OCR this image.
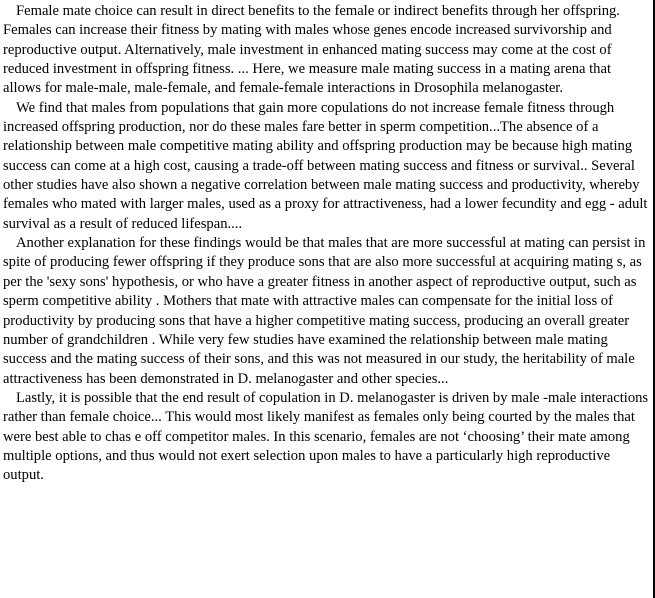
Female mate choice can result in direct benefits to the female or indirect benefits through her offspring. Females can increase their fitness by mating with males whose genes encode increased survivorship and reproductive output. Alternatively, male investment in enhanced mating success may come at the cost of reduced investment in offspring fitness. ... Here, we measure male mating success in a mating arena that allows for male-male, male-female, and female-female interactions in Drosophila melanogaster.

We find that males from populations that gain more copulations do not increase female fitness through increased offspring production, nor do these males fare better in sperm competition...The absence of a relationship between male competitive mating ability and offspring production may be because high mating success can come at a high cost, causing a trade-off between mating success and fitness or survival.. Several other studies have also shown a negative correlation between male mating success and productivity, whereby females who mated with larger males, used as a proxy for attractiveness, had a lower fecundity and egg - adult survival as a result of reduced lifespan....

Another explanation for these findings would be that males that are more successful at mating can persist in spite of producing fewer offspring if they produce sons that are also more successful at acquiring mating s, as per the 'sexy sons' hypothesis, or who have a greater fitness in another aspect of reproductive output, such as sperm competitive ability . Mothers that mate with attractive males can compensate for the initial loss of productivity by producing sons that have a higher competitive mating success, producing an overall greater number of grandchildren . While very few studies have examined the relationship between male mating success and the mating success of their sons, and this was not measured in our study, the heritability of male attractiveness has been demonstrated in D. melanogaster and other species...

Lastly, it is possible that the end result of copulation in D. melanogaster is driven by male -male interactions rather than female choice... This would most likely manifest as females only being courted by the males that were best able to chas e off competitor males. In this scenario, females are not ‘choosing’ their mate among multiple options, and thus would not exert selection upon males to have a particularly high reproductive output.
